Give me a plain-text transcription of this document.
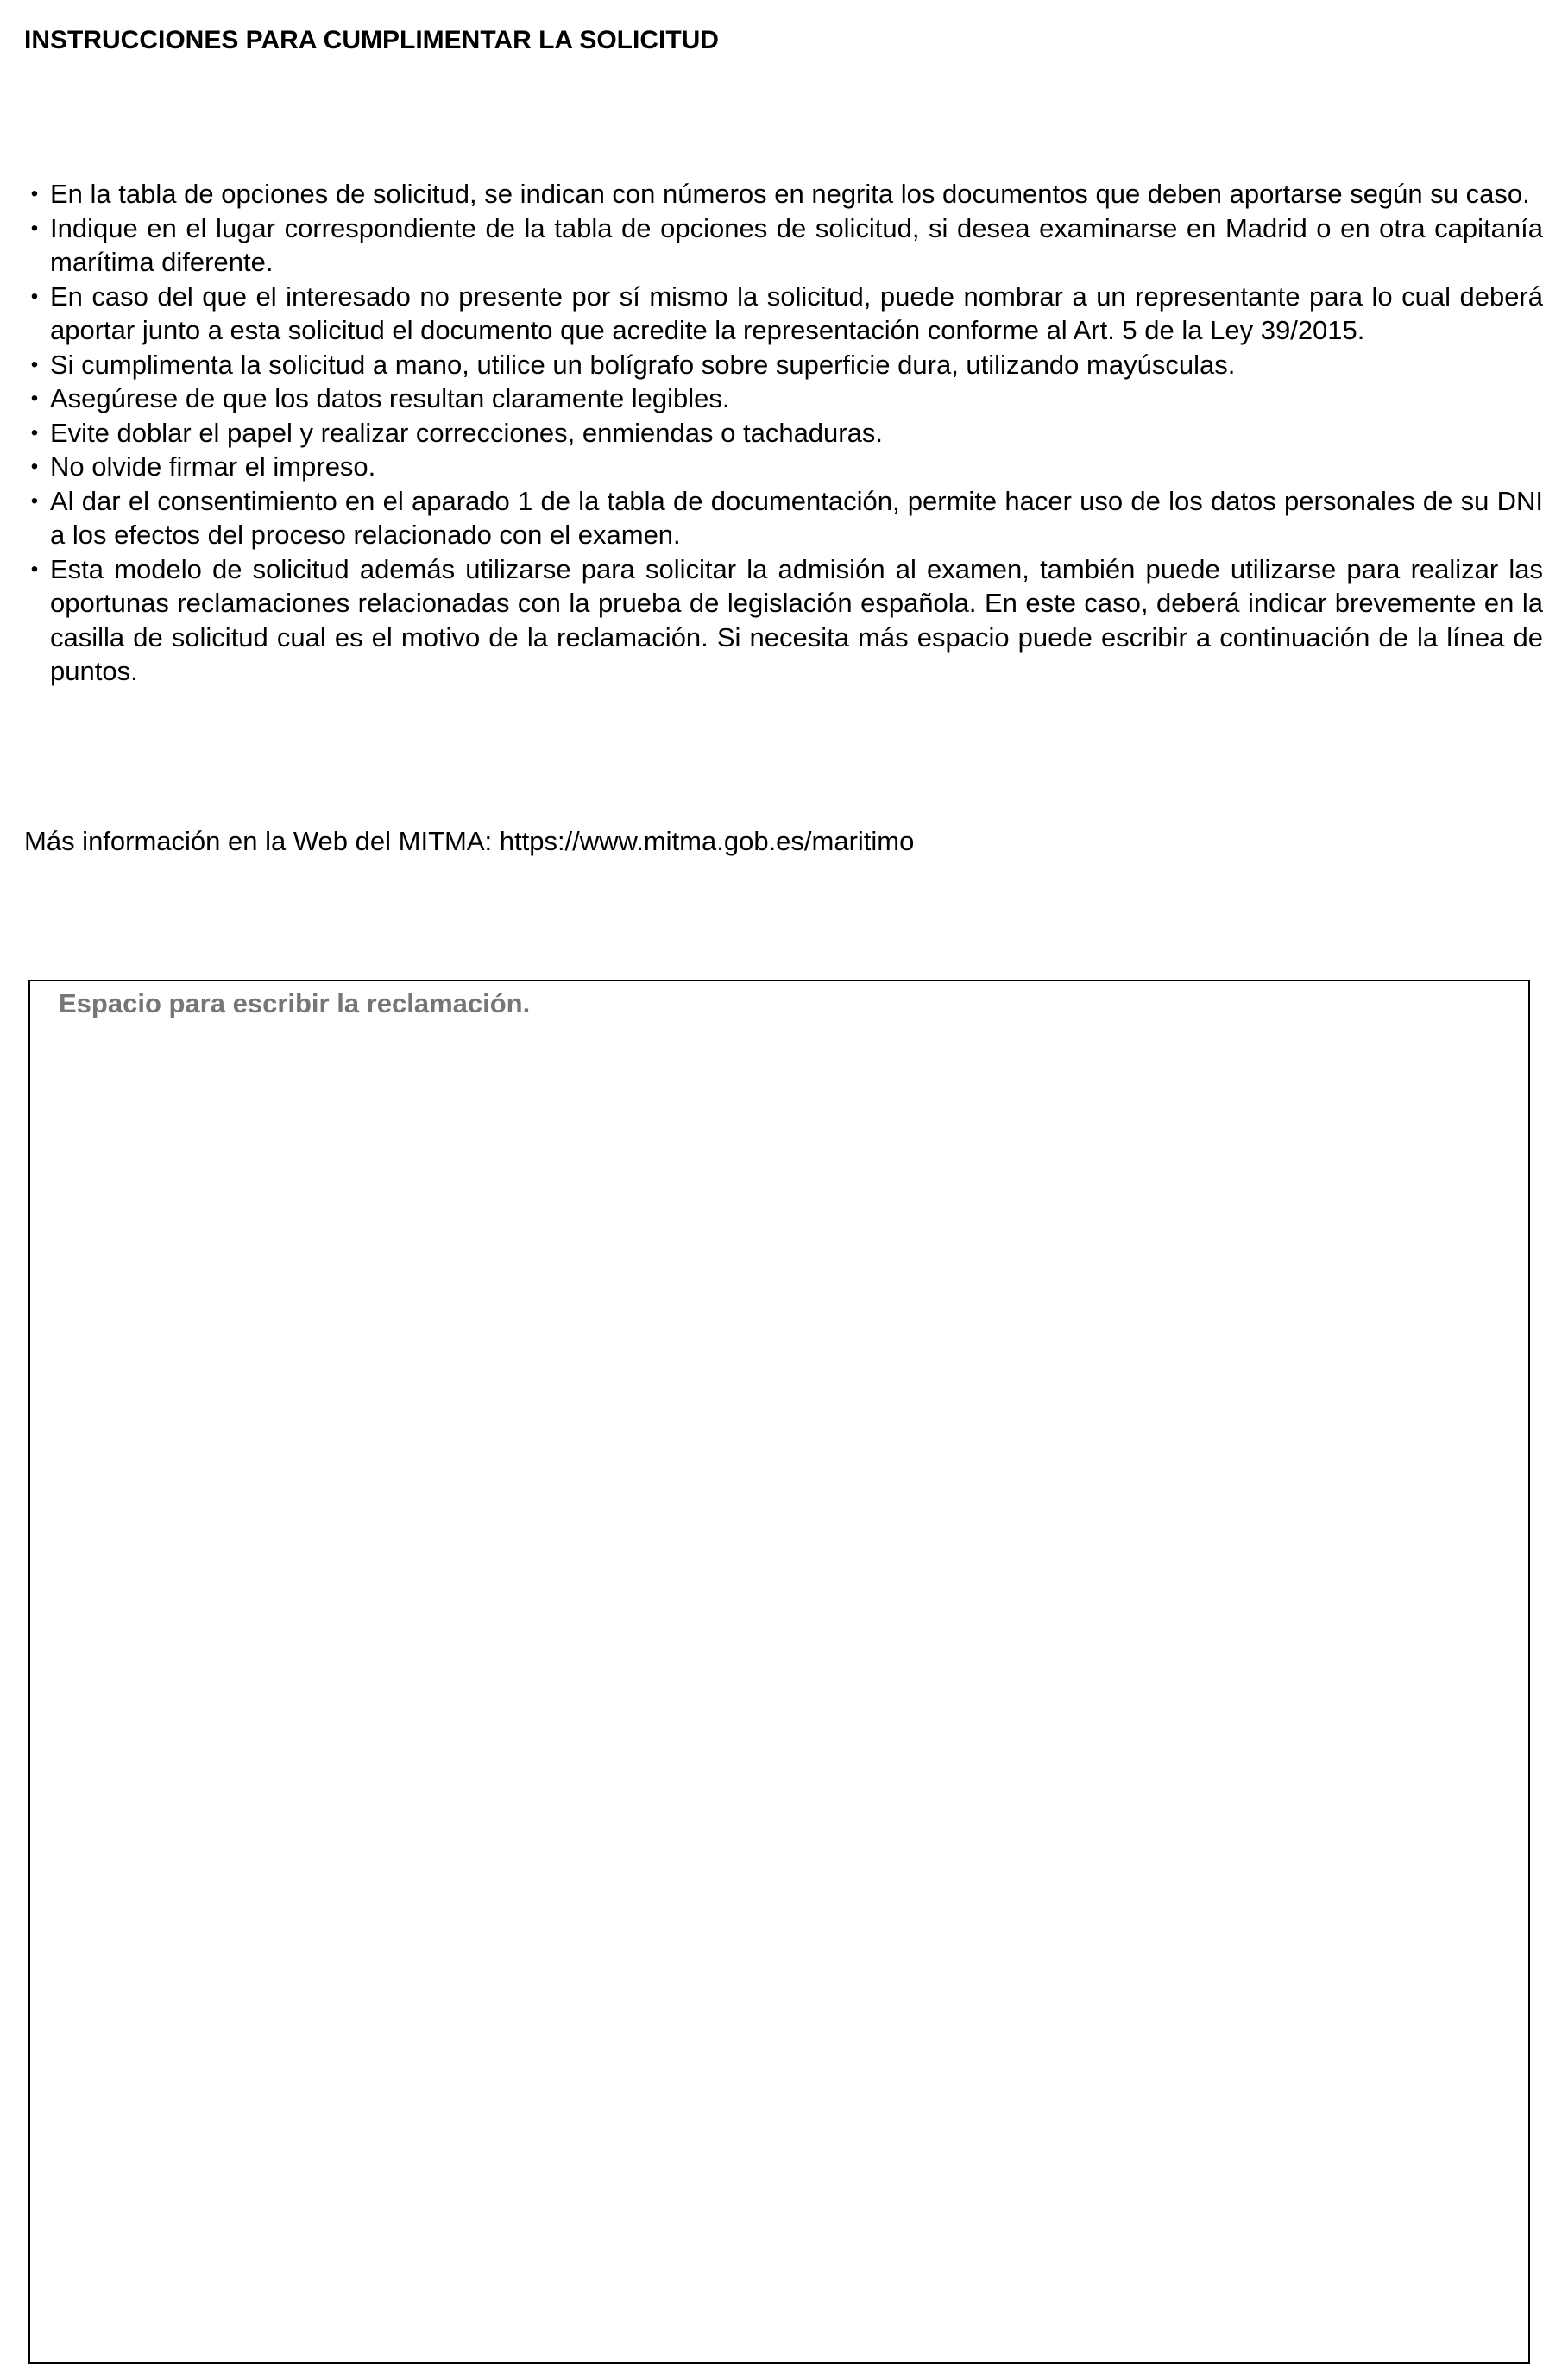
INSTRUCCIONES PARA CUMPLIMENTAR LA SOLICITUD
• En la tabla de opciones de solicitud, se indican con números en negrita los documentos que deben aportarse según su caso.
• Indique en el lugar correspondiente de la tabla de opciones de solicitud, si desea examinarse en Madrid o en otra capitanía marítima diferente.
• En caso del que el interesado no presente por sí mismo la solicitud, puede nombrar a un representante para lo cual deberá aportar junto a esta solicitud el documento que acredite la representación conforme al Art. 5 de la Ley 39/2015.
• Si cumplimenta la solicitud a mano, utilice un bolígrafo sobre superficie dura, utilizando mayúsculas.
• Asegúrese de que los datos resultan claramente legibles.
• Evite doblar el papel y realizar correcciones, enmiendas o tachaduras.
• No olvide firmar el impreso.
• Al dar el consentimiento en el aparado 1 de la tabla de documentación, permite hacer uso de los datos personales de su DNI a los efectos del proceso relacionado con el examen.
• Esta modelo de solicitud además utilizarse para solicitar la admisión al examen, también puede utilizarse para realizar las oportunas reclamaciones relacionadas con la prueba de legislación española. En este caso, deberá indicar brevemente en la casilla de solicitud cual es el motivo de la reclamación. Si necesita más espacio puede escribir a continuación de la línea de puntos.

Más información en la Web del MITMA: https://www.mitma.gob.es/maritimo

Espacio para escribir la reclamación.
